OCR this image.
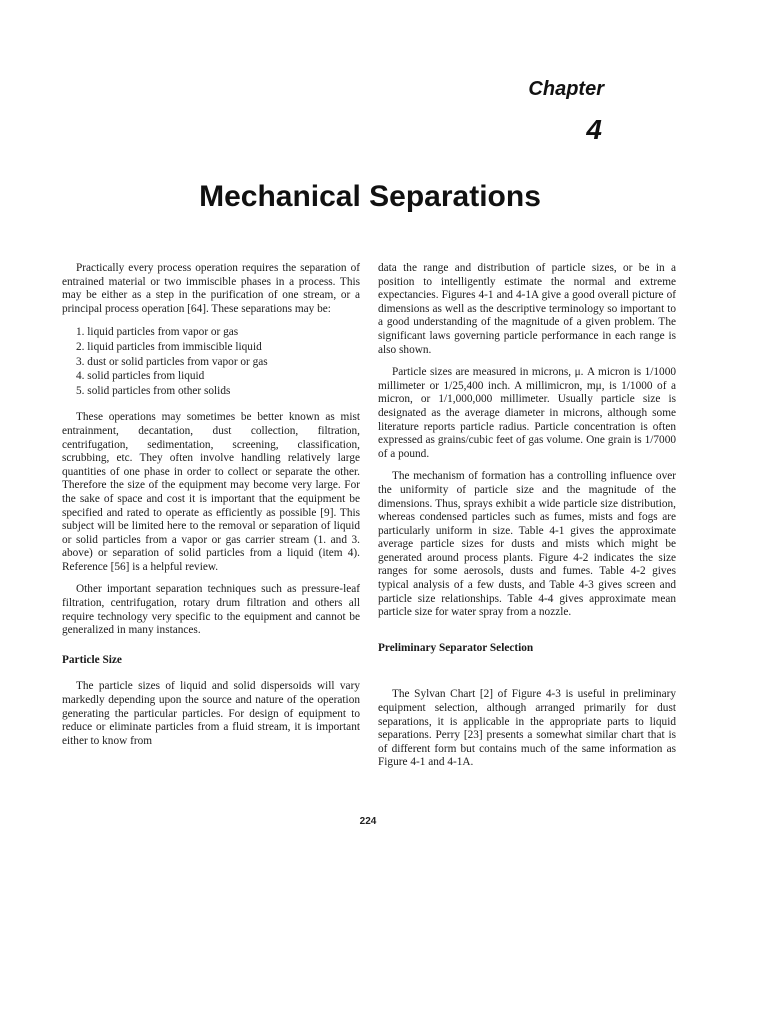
Chapter
4
Mechanical Separations

Practically every process operation requires the separation of entrained material or two immiscible phases in a process. This may be either as a step in the purification of one stream, or a principal process operation [64]. These separations may be:

1. liquid particles from vapor or gas
2. liquid particles from immiscible liquid
3. dust or solid particles from vapor or gas
4. solid particles from liquid
5. solid particles from other solids

These operations may sometimes be better known as mist entrainment, decantation, dust collection, filtration, centrifugation, sedimentation, screening, classification, scrubbing, etc. They often involve handling relatively large quantities of one phase in order to collect or separate the other. Therefore the size of the equipment may become very large. For the sake of space and cost it is important that the equipment be specified and rated to operate as efficiently as possible [9]. This subject will be limited here to the removal or separation of liquid or solid particles from a vapor or gas carrier stream (1. and 3. above) or separation of solid particles from a liquid (item 4). Reference [56] is a helpful review.

Other important separation techniques such as pressure-leaf filtration, centrifugation, rotary drum filtration and others all require technology very specific to the equipment and cannot be generalized in many instances.

Particle Size

The particle sizes of liquid and solid dispersoids will vary markedly depending upon the source and nature of the operation generating the particular particles. For design of equipment to reduce or eliminate particles from a fluid stream, it is important either to know from

data the range and distribution of particle sizes, or be in a position to intelligently estimate the normal and extreme expectancies. Figures 4-1 and 4-1A give a good overall picture of dimensions as well as the descriptive terminology so important to a good understanding of the magnitude of a given problem. The significant laws governing particle performance in each range is also shown.

Particle sizes are measured in microns, μ. A micron is 1/1000 millimeter or 1/25,400 inch. A millimicron, mμ, is 1/1000 of a micron, or 1/1,000,000 millimeter. Usually particle size is designated as the average diameter in microns, although some literature reports particle radius. Particle concentration is often expressed as grains/cubic feet of gas volume. One grain is 1/7000 of a pound.

The mechanism of formation has a controlling influence over the uniformity of particle size and the magnitude of the dimensions. Thus, sprays exhibit a wide particle size distribution, whereas condensed particles such as fumes, mists and fogs are particularly uniform in size. Table 4-1 gives the approximate average particle sizes for dusts and mists which might be generated around process plants. Figure 4-2 indicates the size ranges for some aerosols, dusts and fumes. Table 4-2 gives typical analysis of a few dusts, and Table 4-3 gives screen and particle size relationships. Table 4-4 gives approximate mean particle size for water spray from a nozzle.

Preliminary Separator Selection

The Sylvan Chart [2] of Figure 4-3 is useful in preliminary equipment selection, although arranged primarily for dust separations, it is applicable in the appropriate parts to liquid separations. Perry [23] presents a somewhat similar chart that is of different form but contains much of the same information as Figure 4-1 and 4-1A.

224
